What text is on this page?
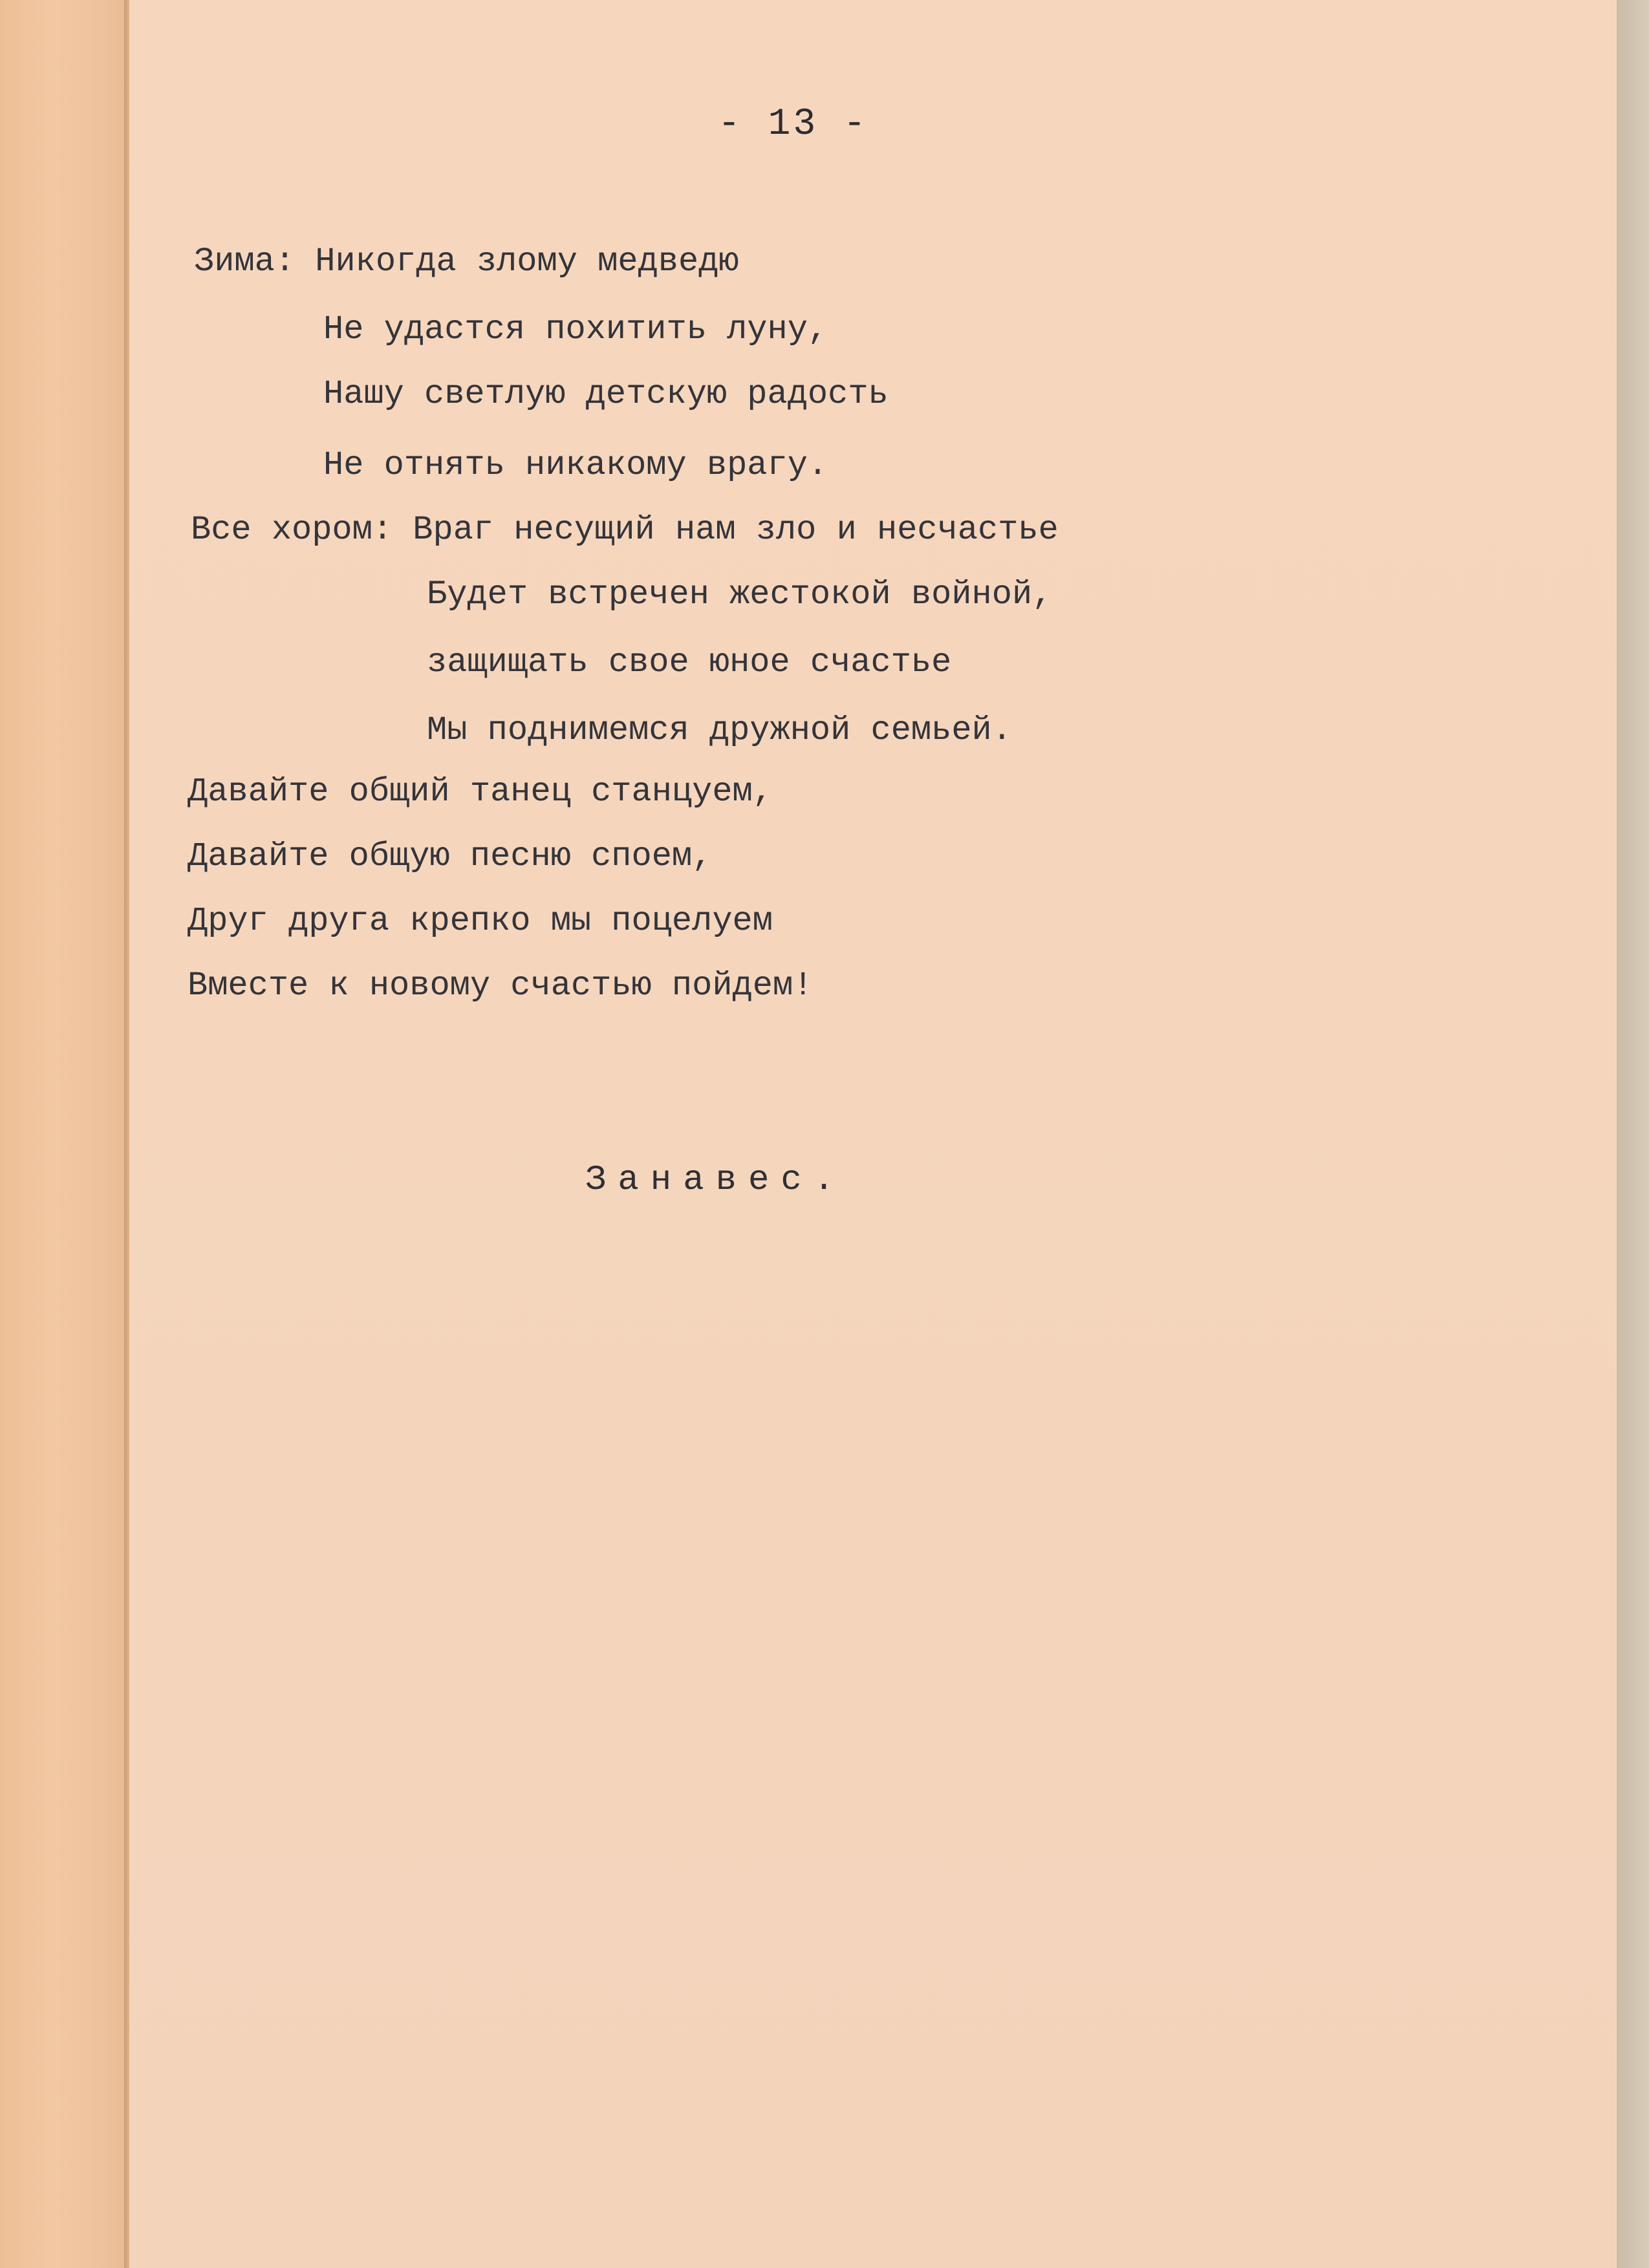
- 13 -
Зима: Никогда злому медведю
Не удастся похитить луну,
Нашу светлую детскую радость
Не отнять никакому врагу.
Все хором: Враг несущий нам зло и несчастье
Будет встречен жестокой войной,
защищать свое юное счастье
Мы поднимемся дружной семьей.
Давайте общий танец станцуем,
Давайте общую песню споем,
Друг друга крепко мы поцелуем
Вместе к новому счастью пойдем!
Занавес.
